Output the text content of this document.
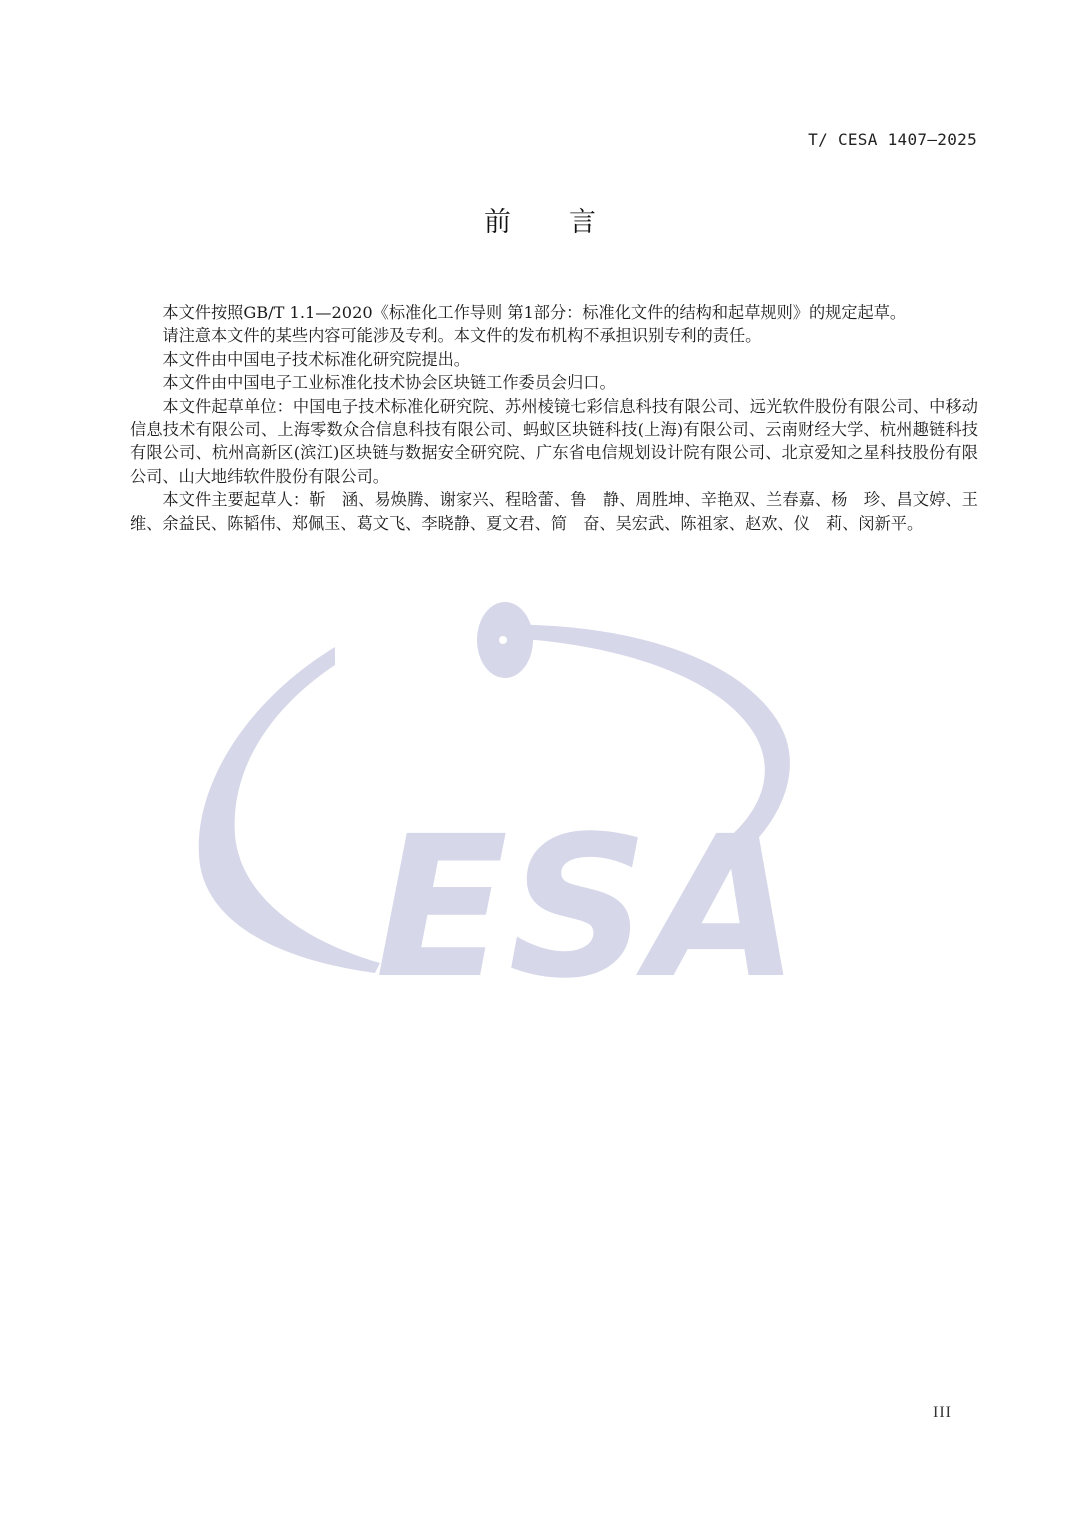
T/ CESA 1407—2025
前 言
ESA

本文件按照GB/T 1.1—2020《标准化工作导则 第1部分：标准化文件的结构和起草规则》的规定起草。

请注意本文件的某些内容可能涉及专利。本文件的发布机构不承担识别专利的责任。

本文件由中国电子技术标准化研究院提出。

本文件由中国电子工业标准化技术协会区块链工作委员会归口。

本文件起草单位：中国电子技术标准化研究院、苏州棱镜七彩信息科技有限公司、远光软件股份有限公司、中移动信息技术有限公司、上海零数众合信息科技有限公司、蚂蚁区块链科技(上海)有限公司、云南财经大学、杭州趣链科技有限公司、杭州高新区(滨江)区块链与数据安全研究院、广东省电信规划设计院有限公司、北京爱知之星科技股份有限公司、山大地纬软件股份有限公司。

本文件主要起草人：靳　涵、易焕腾、谢家兴、程晗蕾、鲁　静、周胜坤、辛艳双、兰春嘉、杨　珍、昌文婷、王　维、余益民、陈韬伟、郑佩玉、葛文飞、李晓静、夏文君、简　奋、吴宏武、陈祖家、赵欢、仪　莉、闵新平。

III
